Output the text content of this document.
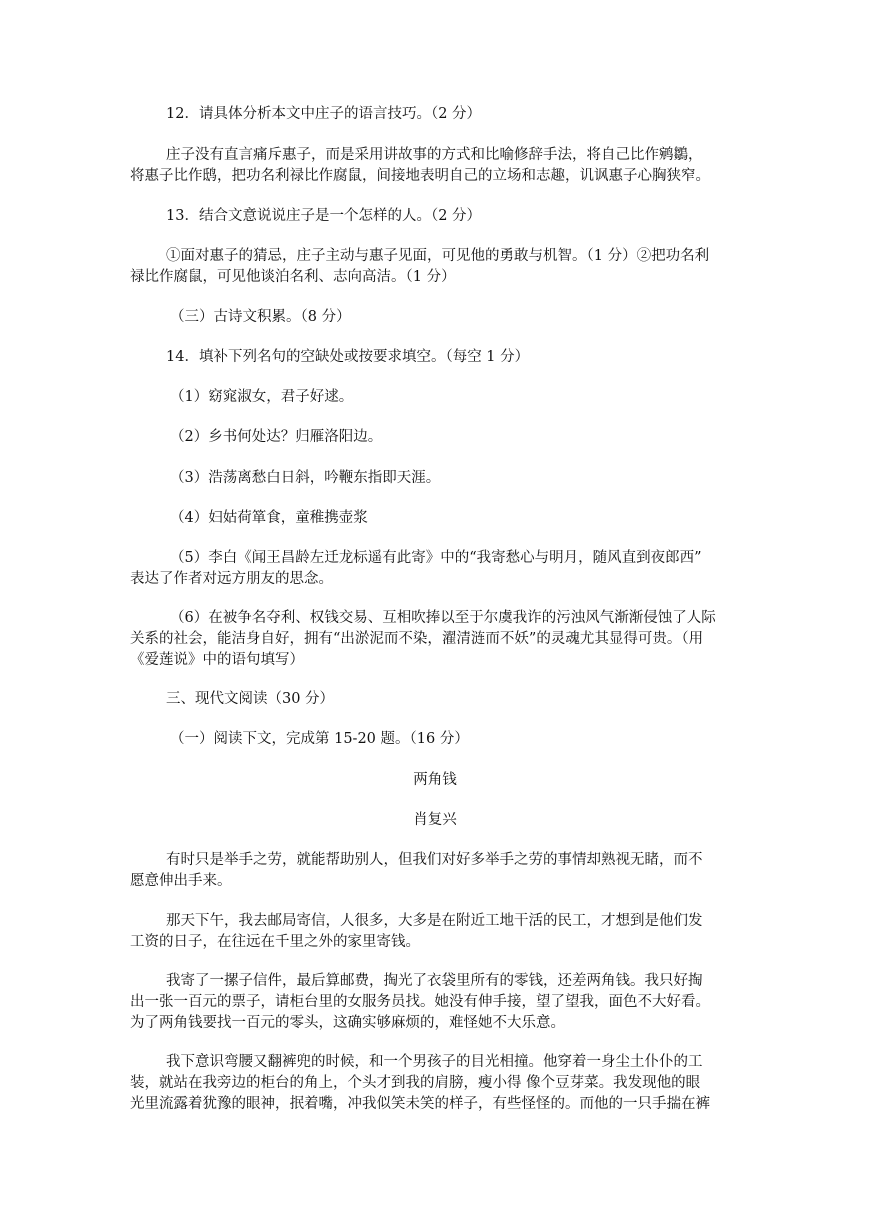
12．请具体分析本文中庄子的语言技巧。（2 分）
庄子没有直言痛斥惠子，而是采用讲故事的方式和比喻修辞手法，将自己比作鹓鶵，
将惠子比作鸱，把功名利禄比作腐鼠，间接地表明自己的立场和志趣，讥讽惠子心胸狭窄。
13．结合文意说说庄子是一个怎样的人。（2 分）
①面对惠子的猜忌，庄子主动与惠子见面，可见他的勇敢与机智。（1 分）②把功名利
禄比作腐鼠，可见他谈泊名利、志向高洁。（1 分）
（三）古诗文积累。（8 分）
14．填补下列名句的空缺处或按要求填空。（每空 1 分）
（1）窈窕淑女，君子好逑。
（2）乡书何处达？归雁洛阳边。
（3）浩荡离愁白日斜，吟鞭东指即天涯。
（4）妇姑荷箪食，童稚携壶浆
（5）李白《闻王昌龄左迁龙标遥有此寄》中的“我寄愁心与明月，随风直到夜郎西”
表达了作者对远方朋友的思念。
（6）在被争名夺利、权钱交易、互相吹捧以至于尔虞我诈的污浊风气渐渐侵蚀了人际
关系的社会，能洁身自好，拥有“出淤泥而不染，濯清涟而不妖”的灵魂尤其显得可贵。（用
《爱莲说》中的语句填写）
三、现代文阅读（30 分）
（一）阅读下文，完成第 15-20 题。（16 分）
两角钱
肖复兴
有时只是举手之劳，就能帮助别人，但我们对好多举手之劳的事情却熟视无睹，而不
愿意伸出手来。
那天下午，我去邮局寄信，人很多，大多是在附近工地干活的民工，才想到是他们发
工资的日子，在往远在千里之外的家里寄钱。
我寄了一摞子信件，最后算邮费，掏光了衣袋里所有的零钱，还差两角钱。我只好掏
出一张一百元的票子，请柜台里的女服务员找。她没有伸手接，望了望我，面色不大好看。
为了两角钱要找一百元的零头，这确实够麻烦的，难怪她不大乐意。
我下意识弯腰又翻裤兜的时候，和一个男孩子的目光相撞。他穿着一身尘土仆仆的工
装，就站在我旁边的柜台的角上，个头才到我的肩膀，瘦小得 像个豆芽菜。我发现他的眼
光里流露着犹豫的眼神，抿着嘴，冲我似笑未笑的样子，有些怪怪的。而他的一只手揣在裤
